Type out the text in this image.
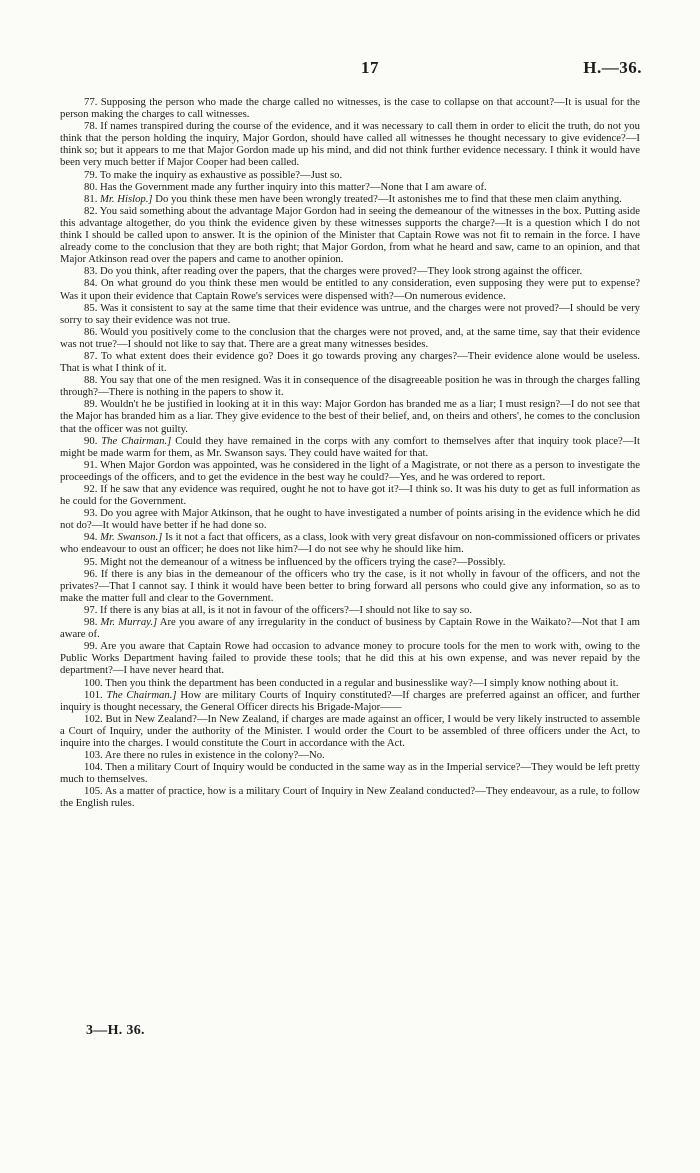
17	H.—36.

77. Supposing the person who made the charge called no witnesses, is the case to collapse on that account?—It is usual for the person making the charges to call witnesses.

78. If names transpired during the course of the evidence, and it was necessary to call them in order to elicit the truth, do not you think that the person holding the inquiry, Major Gordon, should have called all witnesses he thought necessary to give evidence?—I think so; but it appears to me that Major Gordon made up his mind, and did not think further evidence necessary. I think it would have been very much better if Major Cooper had been called.

79. To make the inquiry as exhaustive as possible?—Just so.

80. Has the Government made any further inquiry into this matter?—None that I am aware of.

81. Mr. Hislop.] Do you think these men have been wrongly treated?—It astonishes me to find that these men claim anything.

82. You said something about the advantage Major Gordon had in seeing the demeanour of the witnesses in the box. Putting aside this advantage altogether, do you think the evidence given by these witnesses supports the charge?—It is a question which I do not think I should be called upon to answer. It is the opinion of the Minister that Captain Rowe was not fit to remain in the force. I have already come to the conclusion that they are both right; that Major Gordon, from what he heard and saw, came to an opinion, and that Major Atkinson read over the papers and came to another opinion.

83. Do you think, after reading over the papers, that the charges were proved?—They look strong against the officer.

84. On what ground do you think these men would be entitled to any consideration, even supposing they were put to expense? Was it upon their evidence that Captain Rowe's services were dispensed with?—On numerous evidence.

85. Was it consistent to say at the same time that their evidence was untrue, and the charges were not proved?—I should be very sorry to say their evidence was not true.

86. Would you positively come to the conclusion that the charges were not proved, and, at the same time, say that their evidence was not true?—I should not like to say that. There are a great many witnesses besides.

87. To what extent does their evidence go? Does it go towards proving any charges?—Their evidence alone would be useless. That is what I think of it.

88. You say that one of the men resigned. Was it in consequence of the disagreeable position he was in through the charges falling through?—There is nothing in the papers to show it.

89. Wouldn't he be justified in looking at it in this way: Major Gordon has branded me as a liar; I must resign?—I do not see that the Major has branded him as a liar. They give evidence to the best of their belief, and, on theirs and others', he comes to the conclusion that the officer was not guilty.

90. The Chairman.] Could they have remained in the corps with any comfort to themselves after that inquiry took place?—It might be made warm for them, as Mr. Swanson says. They could have waited for that.

91. When Major Gordon was appointed, was he considered in the light of a Magistrate, or not there as a person to investigate the proceedings of the officers, and to get the evidence in the best way he could?—Yes, and he was ordered to report.

92. If he saw that any evidence was required, ought he not to have got it?—I think so. It was his duty to get as full information as he could for the Government.

93. Do you agree with Major Atkinson, that he ought to have investigated a number of points arising in the evidence which he did not do?—It would have better if he had done so.

94. Mr. Swanson.] Is it not a fact that officers, as a class, look with very great disfavour on non-commissioned officers or privates who endeavour to oust an officer; he does not like him?—I do not see why he should like him.

95. Might not the demeanour of a witness be influenced by the officers trying the case?—Possibly.

96. If there is any bias in the demeanour of the officers who try the case, is it not wholly in favour of the officers, and not the privates?—That I cannot say. I think it would have been better to bring forward all persons who could give any information, so as to make the matter full and clear to the Government.

97. If there is any bias at all, is it not in favour of the officers?—I should not like to say so.

98. Mr. Murray.] Are you aware of any irregularity in the conduct of business by Captain Rowe in the Waikato?—Not that I am aware of.

99. Are you aware that Captain Rowe had occasion to advance money to procure tools for the men to work with, owing to the Public Works Department having failed to provide these tools; that he did this at his own expense, and was never repaid by the department?—I have never heard that.

100. Then you think the department has been conducted in a regular and businesslike way?—I simply know nothing about it.

101. The Chairman.] How are military Courts of Inquiry constituted?—If charges are preferred against an officer, and further inquiry is thought necessary, the General Officer directs his Brigade-Major——

102. But in New Zealand?—In New Zealand, if charges are made against an officer, I would be very likely instructed to assemble a Court of Inquiry, under the authority of the Minister. I would order the Court to be assembled of three officers under the Act, to inquire into the charges. I would constitute the Court in accordance with the Act.

103. Are there no rules in existence in the colony?—No.

104. Then a military Court of Inquiry would be conducted in the same way as in the Imperial service?—They would be left pretty much to themselves.

105. As a matter of practice, how is a military Court of Inquiry in New Zealand conducted?—They endeavour, as a rule, to follow the English rules.

3—H. 36.
